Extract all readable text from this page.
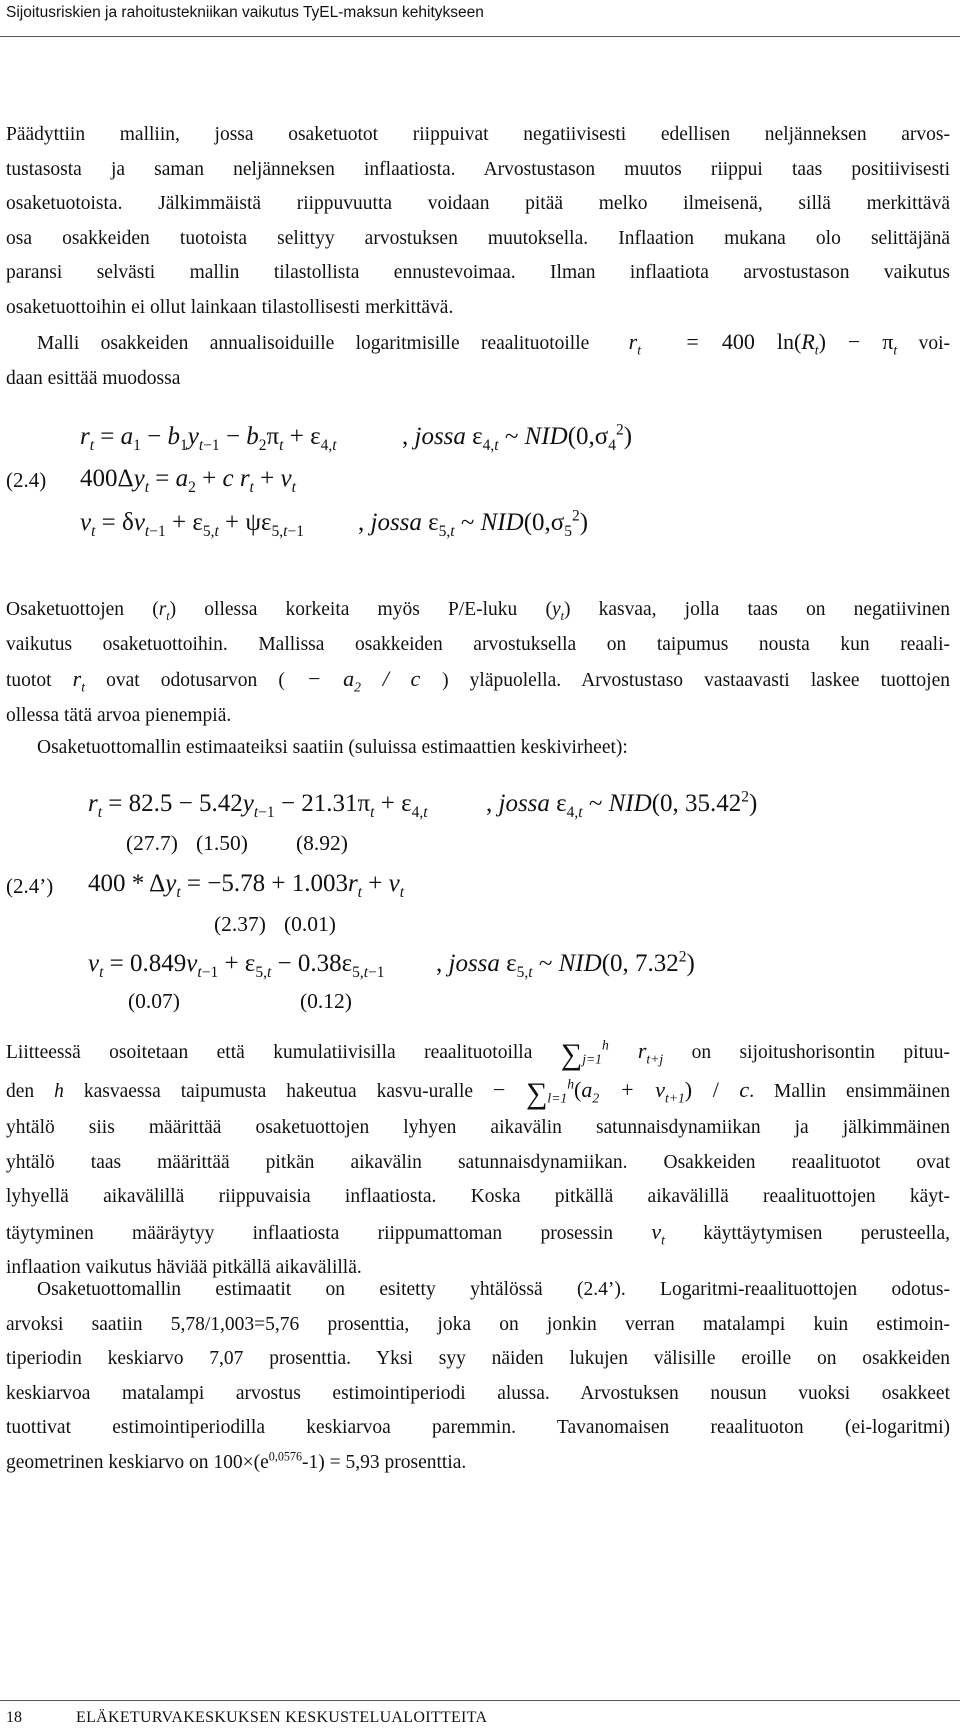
Sijoitusriskien ja rahoitustekniikan vaikutus TyEL-maksun kehitykseen
Päädyttiin malliin, jossa osaketuotot riippuivat negatiivisesti edellisen neljänneksen arvos-
tustasosta ja saman neljänneksen inflaatiosta. Arvostustason muutos riippui taas positiivisesti
osaketuotoista. Jälkimmäistä riippuvuutta voidaan pitää melko ilmeisenä, sillä merkittävä
osa osakkeiden tuotoista selittyy arvostuksen muutoksella. Inflaation mukana olo selittäjänä
paransi selvästi mallin tilastollista ennustevoimaa. Ilman inflaatiota arvostustason vaikutus
osaketuottoihin ei ollut lainkaan tilastollisesti merkittävä.
Malli osakkeiden annualisoiduille logaritmisille reaalituotoille $r_t = 400$ $\ln(R_t) - \pi_t$ voi-
daan esittää muodossa
$r_t = a_1 - b_1y_{t-1} - b_2\pi_t + \varepsilon_{4,t}$	, jossa $\varepsilon_{4,t}$ ~ $NID(0,\sigma_4^2)$
(2.4) $400\Delta y_t = a_2 + c$ $r_t + v_t$
$v_t = \delta v_{t-1} + \varepsilon_{5,t} + \psi\varepsilon_{5,t-1}$ , jossa $\varepsilon_{5,t}$ ~ $NID(0,\sigma_5^2)$
Osaketuottojen $(r_t)$ ollessa korkeita myös P/E-luku $(y_t)$ kasvaa, jolla taas on negatiivinen
vaikutus osaketuottoihin. Mallissa osakkeiden arvostuksella on taipumus nousta kun reaali-
tuotot $r_t$ ovat odotusarvon ( − $a_2$ / c ) yläpuolella. Arvostustaso vastaavasti laskee tuottojen
ollessa tätä arvoa pienempiä.
Osaketuottomallin estimaateiksi saatiin (suluissa estimaattien keskivirheet):
$r_t = 82.5 - 5.42y_{t-1} - 21.31\pi_t + \varepsilon_{4,t}$ , jossa $\varepsilon_{4,t}$ ~ NID(0, 35.42$^2$)
(27.7) (1.50) (8.92)
(2.4’) $400 * \Delta y_t = -5.78 + 1.003r_t + v_t$
(2.37) (0.01)
$v_t = 0.849v_{t-1} + \varepsilon_{5,t} - 0.38\varepsilon_{5,t-1}$ , jossa $\varepsilon_{5,t}$ ~ NID(0, 7.32$^2$)
(0.07)	(0.12)
Liitteessä osoitetaan että kumulatiivisilla reaalituotoilla $\sum_{j=1}^h$ $r_{t+j}$ on sijoitushorisontin pituu-
den h kasvaessa taipumusta hakeutua kasvu-uralle − $\sum_{l=1}^h(a_2 + v_{t+1}) / c$. Mallin ensimmäinen
yhtälö siis määrittää osaketuottojen lyhyen aikavälin satunnaisdynamiikan ja jälkimmäinen
yhtälö taas määrittää pitkän aikavälin satunnaisdynamiikan. Osakkeiden reaalituotot ovat
lyhyellä aikavälillä riippuvaisia inflaatiosta. Koska pitkällä aikavälillä reaalituottojen käyt-
täytyminen määräytyy inflaatiosta riippumattoman prosessin $v_t$ käyttäytymisen perusteella,
inflaation vaikutus häviää pitkällä aikavälillä.
Osaketuottomallin estimaatit on esitetty yhtälössä (2.4’). Logaritmi-reaalituottojen odotus-
arvoksi saatiin 5,78/1,003=5,76 prosenttia, joka on jonkin verran matalampi kuin estimoin-
tiperiodin keskiarvo 7,07 prosenttia. Yksi syy näiden lukujen välisille eroille on osakkeiden
keskiarvoa matalampi arvostus estimointiperiodi alussa. Arvostuksen nousun vuoksi osakkeet
tuottivat estimointiperiodilla keskiarvoa paremmin. Tavanomaisen reaalituoton (ei-logaritmi)
geometrinen keskiarvo on $100\times(e^{0,0576}-1) = 5,93$ prosenttia.
18	ELÄKETURVAKESKUKSEN KESKUSTELUALOITTEITA
